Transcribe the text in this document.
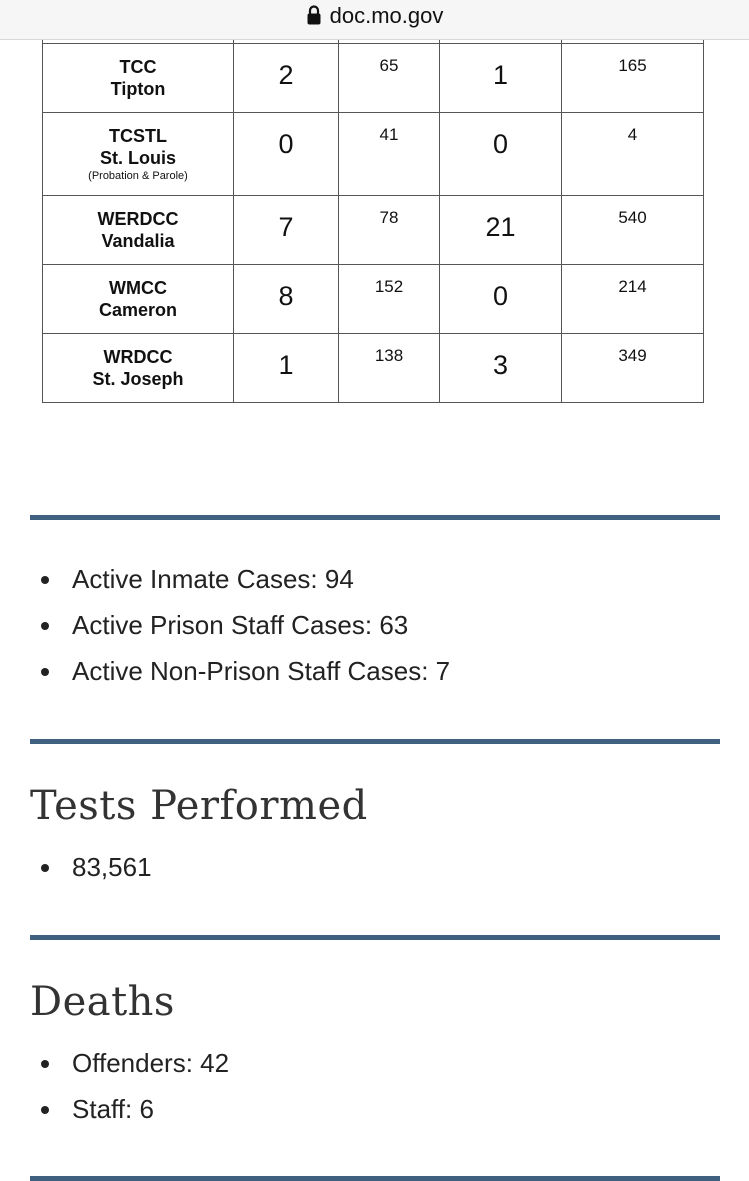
doc.mo.gov

TCC
Tipton	2	65	1	165

TCSTL
St. Louis
(Probation & Parole)	0	41	0	4

WERDCC
Vandalia	7	78	21	540

WMCC
Cameron	8	152	0	214

WRDCC
St. Joseph	1	138	3	349
Active Inmate Cases: 94
Active Prison Staff Cases: 63
Active Non-Prison Staff Cases: 7
Tests Performed
83,561
Deaths
Offenders: 42
Staff: 6
